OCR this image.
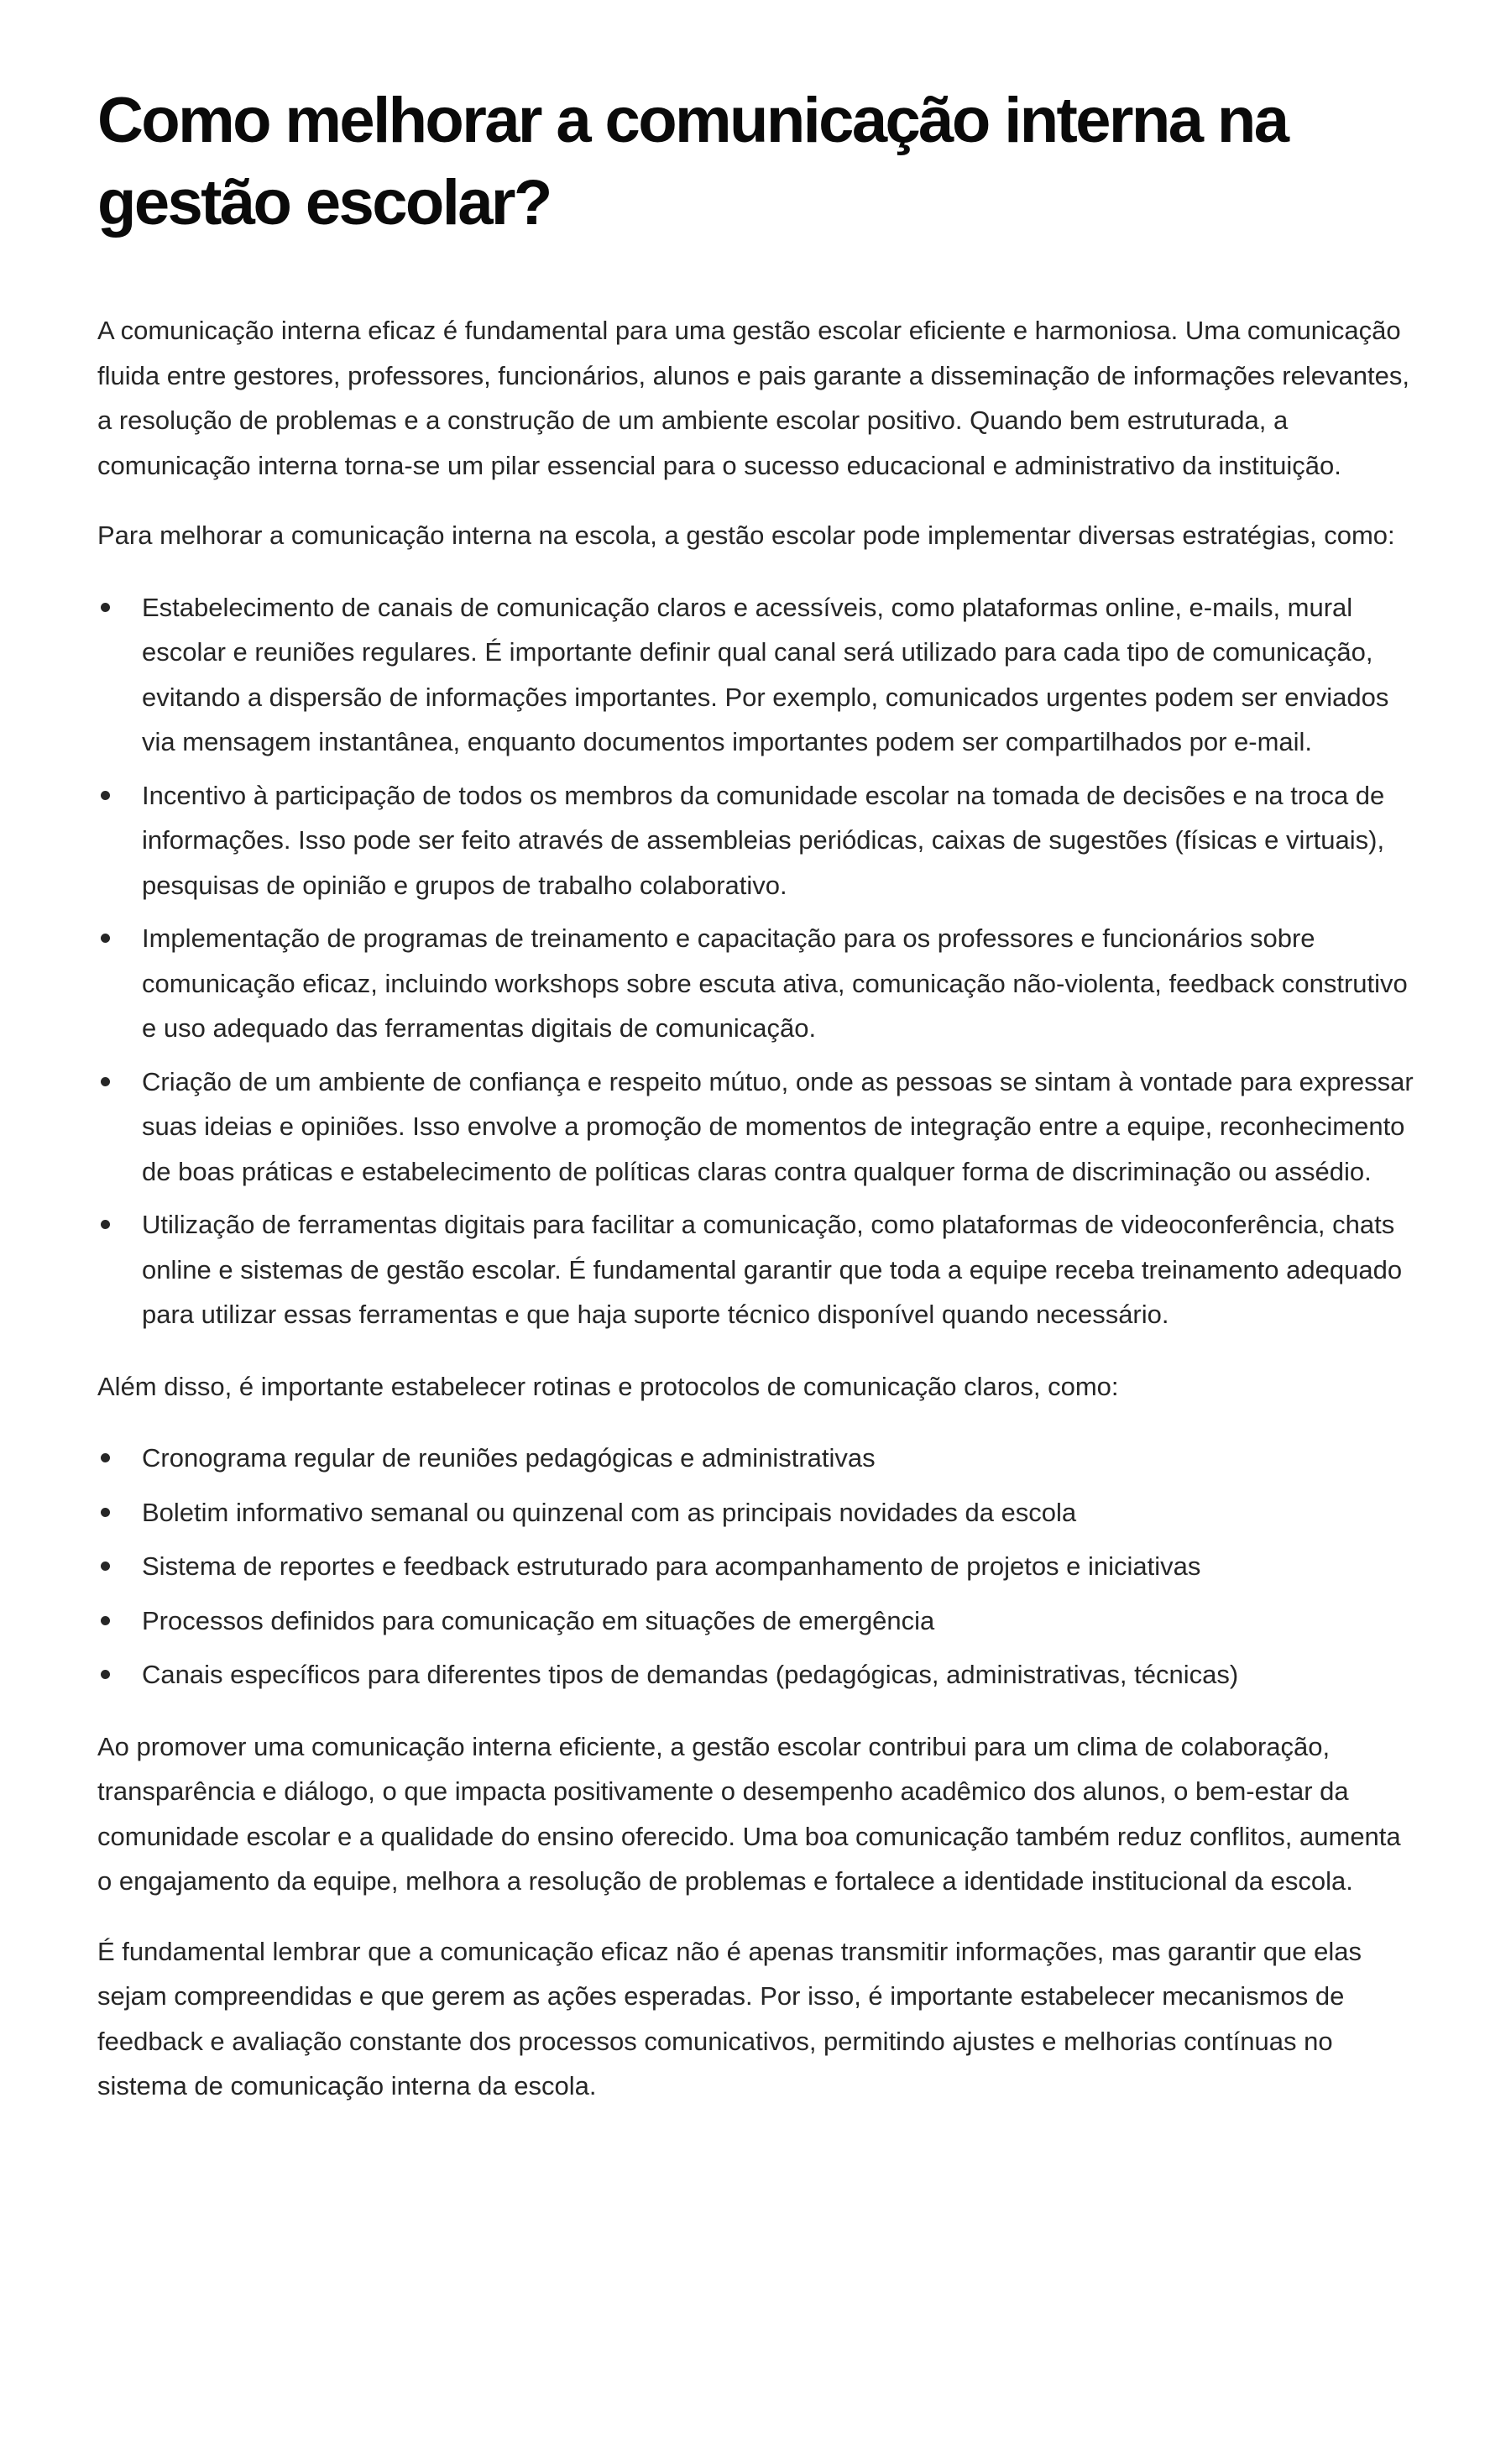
Como melhorar a comunicação interna na gestão escolar?

A comunicação interna eficaz é fundamental para uma gestão escolar eficiente e harmoniosa. Uma comunicação fluida entre gestores, professores, funcionários, alunos e pais garante a disseminação de informações relevantes, a resolução de problemas e a construção de um ambiente escolar positivo. Quando bem estruturada, a comunicação interna torna-se um pilar essencial para o sucesso educacional e administrativo da instituição.

Para melhorar a comunicação interna na escola, a gestão escolar pode implementar diversas estratégias, como:

Estabelecimento de canais de comunicação claros e acessíveis, como plataformas online, e-mails, mural escolar e reuniões regulares. É importante definir qual canal será utilizado para cada tipo de comunicação, evitando a dispersão de informações importantes. Por exemplo, comunicados urgentes podem ser enviados via mensagem instantânea, enquanto documentos importantes podem ser compartilhados por e-mail.
Incentivo à participação de todos os membros da comunidade escolar na tomada de decisões e na troca de informações. Isso pode ser feito através de assembleias periódicas, caixas de sugestões (físicas e virtuais), pesquisas de opinião e grupos de trabalho colaborativo.
Implementação de programas de treinamento e capacitação para os professores e funcionários sobre comunicação eficaz, incluindo workshops sobre escuta ativa, comunicação não-violenta, feedback construtivo e uso adequado das ferramentas digitais de comunicação.
Criação de um ambiente de confiança e respeito mútuo, onde as pessoas se sintam à vontade para expressar suas ideias e opiniões. Isso envolve a promoção de momentos de integração entre a equipe, reconhecimento de boas práticas e estabelecimento de políticas claras contra qualquer forma de discriminação ou assédio.
Utilização de ferramentas digitais para facilitar a comunicação, como plataformas de videoconferência, chats online e sistemas de gestão escolar. É fundamental garantir que toda a equipe receba treinamento adequado para utilizar essas ferramentas e que haja suporte técnico disponível quando necessário.

Além disso, é importante estabelecer rotinas e protocolos de comunicação claros, como:

Cronograma regular de reuniões pedagógicas e administrativas
Boletim informativo semanal ou quinzenal com as principais novidades da escola
Sistema de reportes e feedback estruturado para acompanhamento de projetos e iniciativas
Processos definidos para comunicação em situações de emergência
Canais específicos para diferentes tipos de demandas (pedagógicas, administrativas, técnicas)

Ao promover uma comunicação interna eficiente, a gestão escolar contribui para um clima de colaboração, transparência e diálogo, o que impacta positivamente o desempenho acadêmico dos alunos, o bem-estar da comunidade escolar e a qualidade do ensino oferecido. Uma boa comunicação também reduz conflitos, aumenta o engajamento da equipe, melhora a resolução de problemas e fortalece a identidade institucional da escola.

É fundamental lembrar que a comunicação eficaz não é apenas transmitir informações, mas garantir que elas sejam compreendidas e que gerem as ações esperadas. Por isso, é importante estabelecer mecanismos de feedback e avaliação constante dos processos comunicativos, permitindo ajustes e melhorias contínuas no sistema de comunicação interna da escola.
